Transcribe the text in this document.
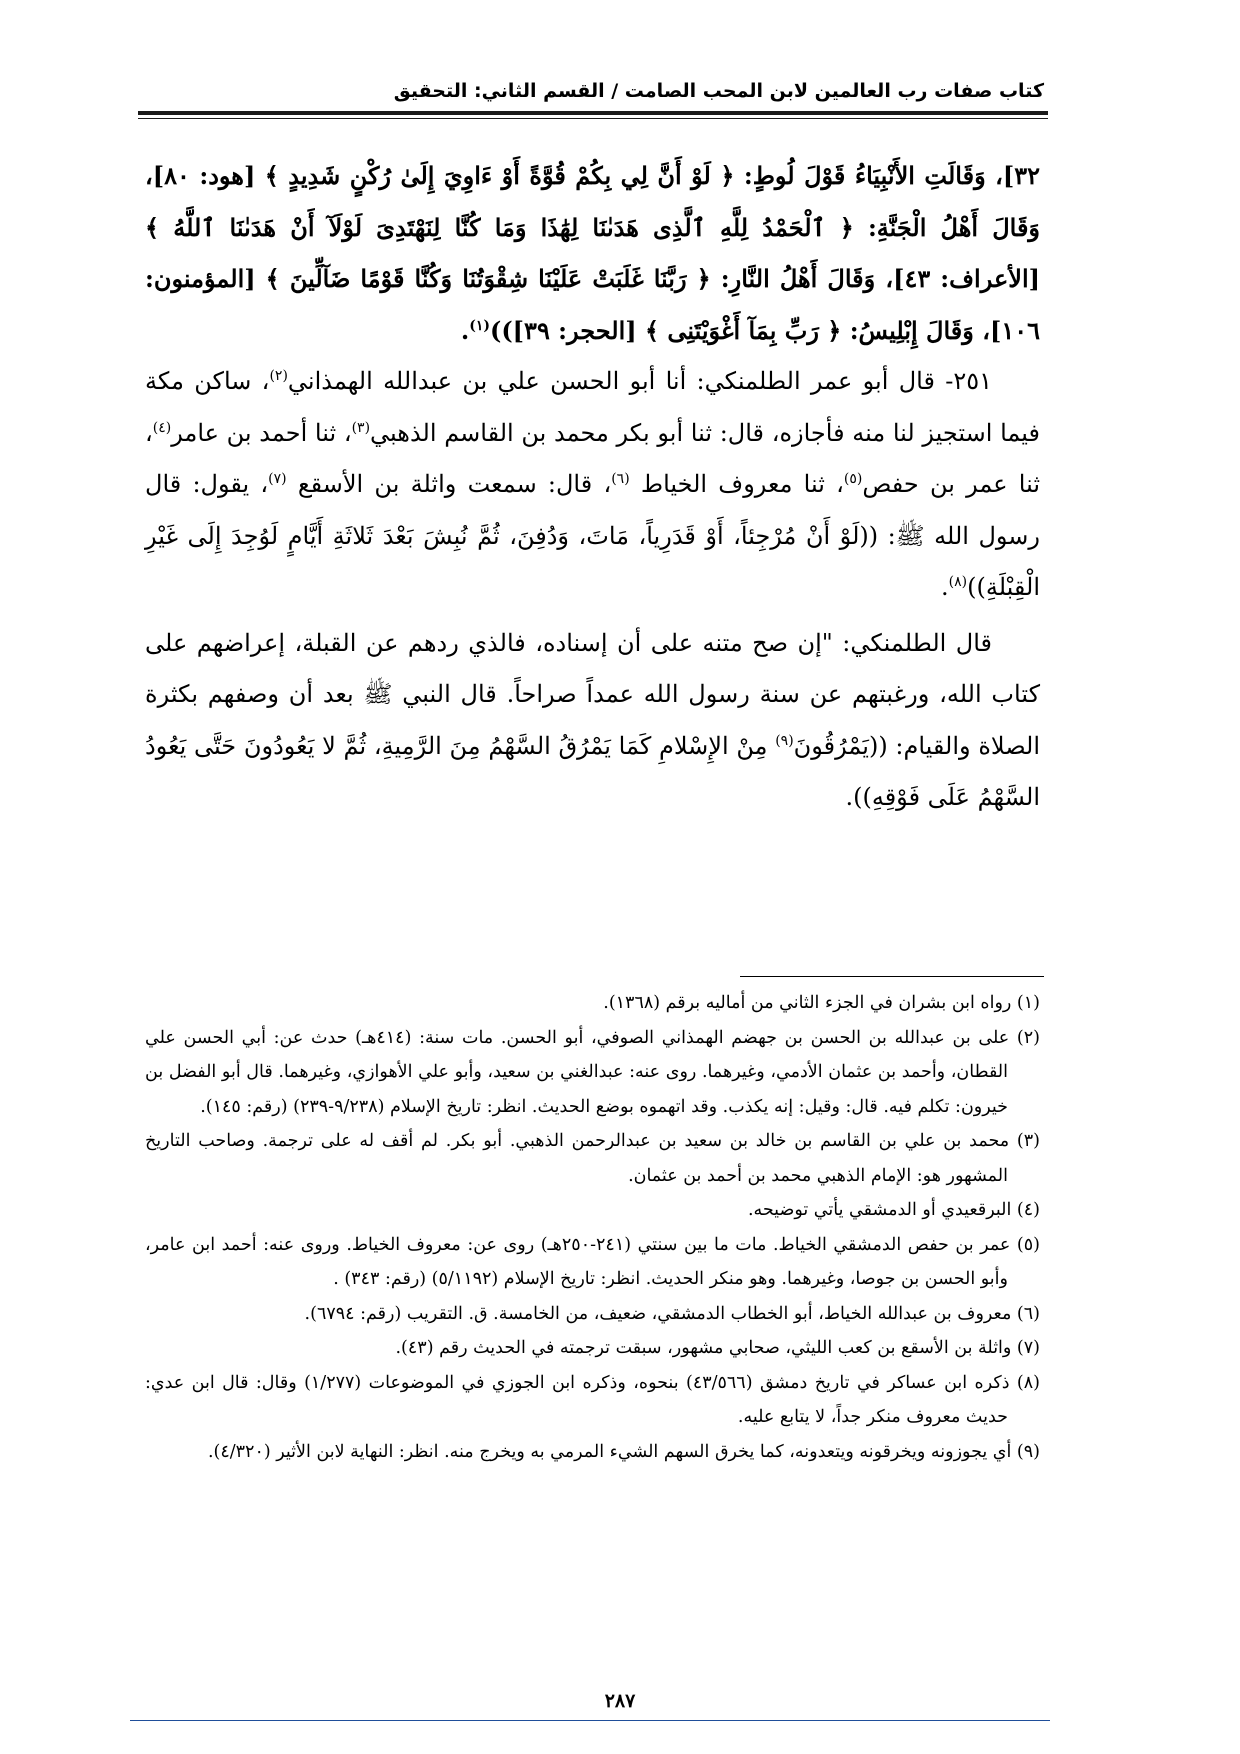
كتاب صفات رب العالمين لابن المحب الصامت / القسم الثاني: التحقيق

٣٢]، وَقَالَتِ الأَنْبِيَاءُ قَوْلَ لُوطٍ: ﴿ لَوْ أَنَّ لِي بِكُمْ قُوَّةً أَوْ ءَاوِيَ إِلَىٰ رُكْنٍ شَدِيدٍ ﴾ [هود: ٨٠]، وَقَالَ أَهْلُ الْجَنَّةِ: ﴿ ٱلْحَمْدُ لِلَّهِ ٱلَّذِى هَدَىٰنَا لِهَٰذَا وَمَا كُنَّا لِنَهْتَدِىَ لَوْلَآ أَنْ هَدَىٰنَا ٱللَّهُ ﴾ [الأعراف: ٤٣]، وَقَالَ أَهْلُ النَّارِ: ﴿ رَبَّنَا غَلَبَتْ عَلَيْنَا شِقْوَتُنَا وَكُنَّا قَوْمًا ضَآلِّينَ ﴾ [المؤمنون: ١٠٦]، وَقَالَ إِبْلِيسُ: ﴿ رَبِّ بِمَآ أَغْوَيْتَنِى ﴾ [الحجر: ٣٩]))$^{(١)}$.

٢٥١- قال أبو عمر الطلمنكي: أنا أبو الحسن علي بن عبدالله الهمذاني$^{(٢)}$، ساكن مكة فيما استجيز لنا منه فأجازه، قال: ثنا أبو بكر محمد بن القاسم الذهبي$^{(٣)}$، ثنا أحمد بن عامر$^{(٤)}$، ثنا عمر بن حفص$^{(٥)}$، ثنا معروف الخياط $^{(٦)}$، قال: سمعت واثلة بن الأسقع $^{(٧)}$، يقول: قال رسول الله ﷺ: ((لَوْ أَنْ مُرْجِئاً، أَوْ قَدَرِياً، مَاتَ، وَدُفِنَ، ثُمَّ نُبِشَ بَعْدَ ثَلاثَةِ أَيَّامٍ لَوُجِدَ إِلَى غَيْرِ الْقِبْلَةِ))$^{(٨)}$.

قال الطلمنكي: "إن صح متنه على أن إسناده، فالذي ردهم عن القبلة، إعراضهم على كتاب الله، ورغبتهم عن سنة رسول الله عمداً صراحاً. قال النبي ﷺ بعد أن وصفهم بكثرة الصلاة والقيام: ((يَمْرُقُونَ$^{(٩)}$ مِنْ الإِسْلامِ كَمَا يَمْرُقُ السَّهْمُ مِنَ الرَّمِيةِ، ثُمَّ لا يَعُودُونَ حَتَّى يَعُودُ السَّهْمُ عَلَى فَوْقِهِ)).

(١) رواه ابن بشران في الجزء الثاني من أماليه برقم (١٣٦٨).

(٢) على بن عبدالله بن الحسن بن جهضم الهمذاني الصوفي، أبو الحسن. مات سنة: (٤١٤هـ) حدث عن: أبي الحسن علي القطان، وأحمد بن عثمان الأدمي، وغيرهما. روى عنه: عبدالغني بن سعيد، وأبو علي الأهوازي، وغيرهما. قال أبو الفضل بن خيرون: تكلم فيه. قال: وقيل: إنه يكذب. وقد اتهموه بوضع الحديث. انظر: تاريخ الإسلام (٩/٢٣٨-٢٣٩) (رقم: ١٤٥).

(٣) محمد بن علي بن القاسم بن خالد بن سعيد بن عبدالرحمن الذهبي. أبو بكر. لم أقف له على ترجمة. وصاحب التاريخ المشهور هو: الإمام الذهبي محمد بن أحمد بن عثمان.

(٤) البرقعيدي أو الدمشقي يأتي توضيحه.

(٥) عمر بن حفص الدمشقي الخياط. مات ما بين سنتي (٢٤١-٢٥٠هـ) روى عن: معروف الخياط. وروى عنه: أحمد ابن عامر، وأبو الحسن بن جوصا، وغيرهما. وهو منكر الحديث. انظر: تاريخ الإسلام (٥/١١٩٢) (رقم: ٣٤٣) .

(٦) معروف بن عبدالله الخياط، أبو الخطاب الدمشقي، ضعيف، من الخامسة. ق. التقريب (رقم: ٦٧٩٤).

(٧) واثلة بن الأسقع بن كعب الليثي، صحابي مشهور، سبقت ترجمته في الحديث رقم (٤٣).

(٨) ذكره ابن عساكر في تاريخ دمشق (٤٣/٥٦٦) بنحوه، وذكره ابن الجوزي في الموضوعات (١/٢٧٧) وقال: قال ابن عدي: حديث معروف منكر جداً، لا يتابع عليه.

(٩) أي يجوزونه ويخرقونه ويتعدونه، كما يخرق السهم الشيء المرمي به ويخرج منه. انظر: النهاية لابن الأثير (٤/٣٢٠).

٢٨٧
